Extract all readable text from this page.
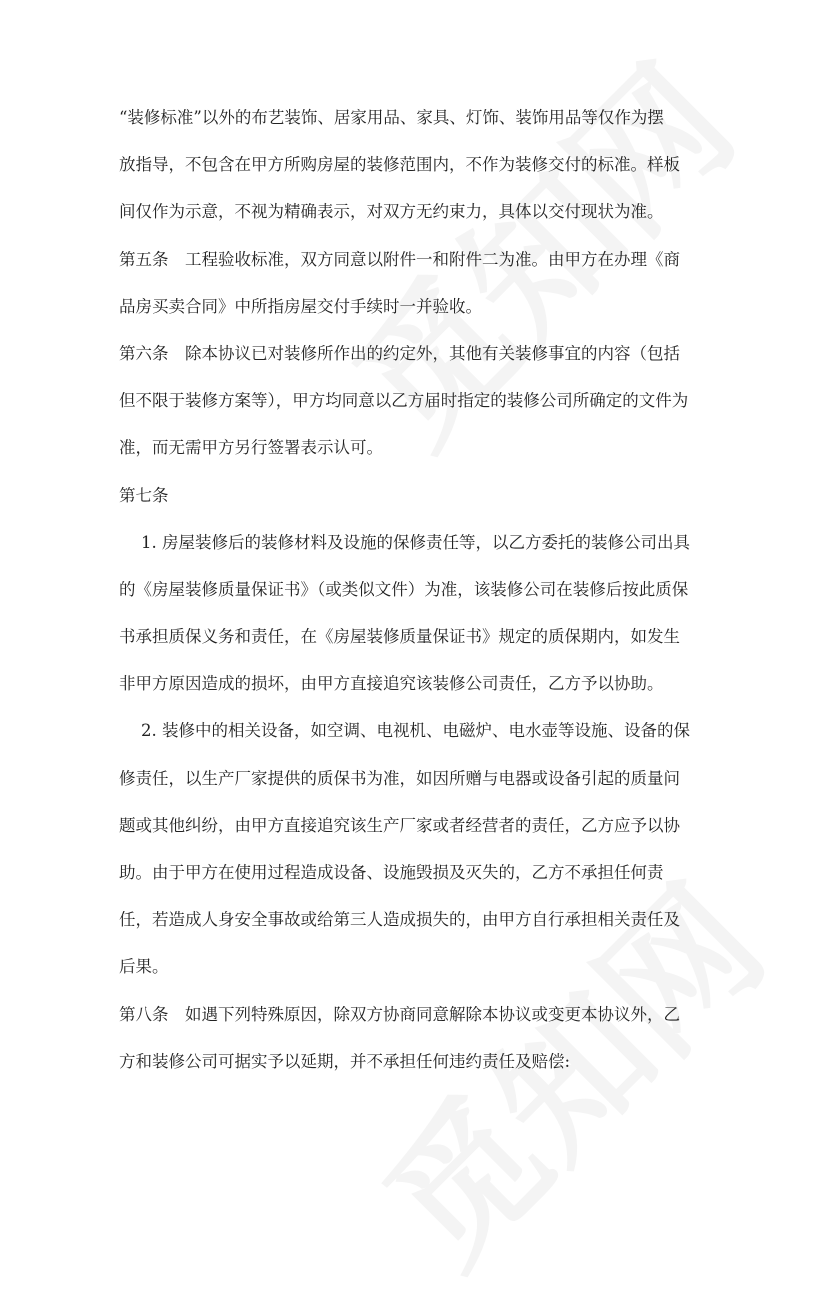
“装修标准”以外的布艺装饰、居家用品、家具、灯饰、装饰用品等仅作为摆
放指导，不包含在甲方所购房屋的装修范围内，不作为装修交付的标准。样板
间仅作为示意，不视为精确表示，对双方无约束力，具体以交付现状为准。
第五条　工程验收标准，双方同意以附件一和附件二为准。由甲方在办理《商
品房买卖合同》中所指房屋交付手续时一并验收。
第六条　除本协议已对装修所作出的约定外，其他有关装修事宜的内容（包括
但不限于装修方案等），甲方均同意以乙方届时指定的装修公司所确定的文件为
准，而无需甲方另行签署表示认可。
第七条
1. 房屋装修后的装修材料及设施的保修责任等，以乙方委托的装修公司出具
的《房屋装修质量保证书》（或类似文件）为准，该装修公司在装修后按此质保
书承担质保义务和责任，在《房屋装修质量保证书》规定的质保期内，如发生
非甲方原因造成的损坏，由甲方直接追究该装修公司责任，乙方予以协助。
2. 装修中的相关设备，如空调、电视机、电磁炉、电水壶等设施、设备的保
修责任，以生产厂家提供的质保书为准，如因所赠与电器或设备引起的质量问
题或其他纠纷，由甲方直接追究该生产厂家或者经营者的责任，乙方应予以协
助。由于甲方在使用过程造成设备、设施毁损及灭失的，乙方不承担任何责
任，若造成人身安全事故或给第三人造成损失的，由甲方自行承担相关责任及
后果。
第八条　如遇下列特殊原因，除双方协商同意解除本协议或变更本协议外，乙
方和装修公司可据实予以延期，并不承担任何违约责任及赔偿:
